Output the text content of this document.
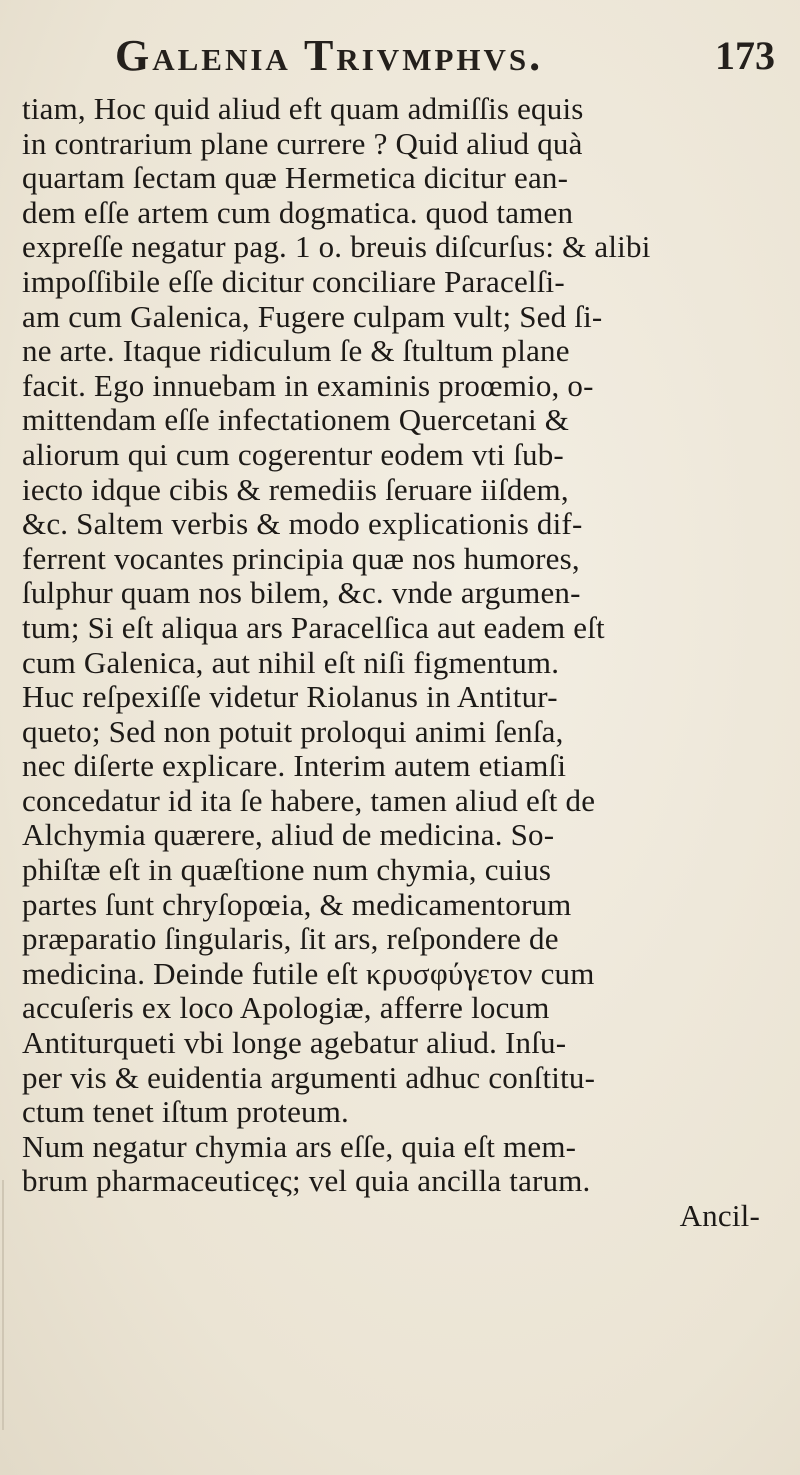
Galenia Trivmphvs.	173
tiam, Hoc quid aliud eft quam admiſſis equis
in contrarium plane currere ? Quid aliud quà
quartam ſectam quæ Hermetica dicitur ean-
dem eſſe artem cum dogmatica. quod tamen
expreſſe negatur pag. 1 o. breuis diſcurſus: & alibi
impoſſibile eſſe dicitur conciliare Paracelſi-
am cum Galenica, Fugere culpam vult; Sed ſi-
ne arte. Itaque ridiculum ſe & ſtultum plane
facit. Ego innuebam in examinis proœmio, o-
mittendam eſſe infectationem Quercetani &
aliorum qui cum cogerentur eodem vti ſub-
iecto idque cibis & remediis ſeruare iiſdem,
&c. Saltem verbis & modo explicationis dif-
ferrent vocantes principia quæ nos humores,
ſulphur quam nos bilem, &c. vnde argumen-
tum; Si eſt aliqua ars Paracelſica aut eadem eſt
cum Galenica, aut nihil eſt niſi figmentum.
Huc reſpexiſſe videtur Riolanus in Antitur-
queto; Sed non potuit proloqui animi ſenſa,
nec diſerte explicare. Interim autem etiamſi
concedatur id ita ſe habere, tamen aliud eſt de
Alchymia quærere, aliud de medicina. So-
phiſtæ eſt in quæſtione num chymia, cuius
partes ſunt chryſopœia, & medicamentorum
præparatio ſingularis, ſit ars, reſpondere de
medicina. Deinde futile eſt κρυσφύγετον cum
accuſeris ex loco Apologiæ, afferre locum
Antiturqueti vbi longe agebatur aliud. Inſu-
per vis & euidentia argumenti adhuc conſtitu-
ctum tenet iſtum proteum.
Num negatur chymia ars eſſe, quia eſt mem-
brum pharmaceuticęς; vel quia ancilla tarum.
Ancil-
